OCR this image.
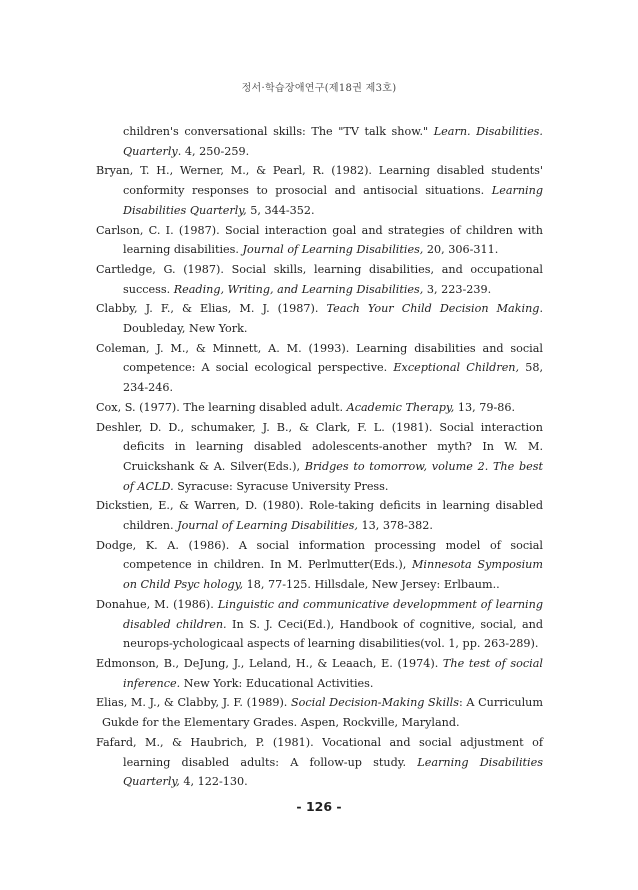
정서·학습장애연구(제18권 제3호)

children's conversational skills: The "TV talk show." Learn. Disabilities. Quarterly. 4, 250-259.

Bryan, T. H., Werner, M., & Pearl, R. (1982). Learning disabled students' conformity responses to prosocial and antisocial situations. Learning Disabilities Quarterly, 5, 344-352.

Carlson, C. I. (1987). Social interaction goal and strategies of children with learning disabilities. Journal of Learning Disabilities, 20, 306-311.

Cartledge, G. (1987). Social skills, learning disabilities, and occupational success. Reading, Writing, and Learning Disabilities, 3, 223-239.

Clabby, J. F., & Elias, M. J. (1987). Teach Your Child Decision Making. Doubleday, New York.

Coleman, J. M., & Minnett, A. M. (1993). Learning disabilities and social competence: A social ecological perspective. Exceptional Children, 58, 234-246.

Cox, S. (1977). The learning disabled adult. Academic Therapy, 13, 79-86.

Deshler, D. D., schumaker, J. B., & Clark, F. L. (1981). Social interaction deficits in learning disabled adolescents-another myth? In W. M. Cruickshank & A. Silver(Eds.), Bridges to tomorrow, volume 2. The best of ACLD. Syracuse: Syracuse University Press.

Dickstien, E., & Warren, D. (1980). Role-taking deficits in learning disabled children. Journal of Learning Disabilities, 13, 378-382.

Dodge, K. A. (1986). A social information processing model of social competence in children. In M. Perlmutter(Eds.), Minnesota Symposium on Child Psyc hology, 18, 77-125. Hillsdale, New Jersey: Erlbaum..

Donahue, M. (1986). Linguistic and communicative developmment of learning disabled children. In S. J. Ceci(Ed.), Handbook of cognitive, social, and neurops-ychologicaal aspects of learning disabilities(vol. 1, pp. 263-289).

Edmonson, B., DeJung, J., Leland, H., & Leaach, E. (1974). The test of social inference. New York: Educational Activities.

Elias, M. J., & Clabby, J. F. (1989). Social Decision-Making Skills: A Curriculum Gukde for the Elementary Grades. Aspen, Rockville, Maryland.

Fafard, M., & Haubrich, P. (1981). Vocational and social adjustment of learning disabled adults: A follow-up study. Learning Disabilities Quarterly, 4, 122-130.

- 126 -
